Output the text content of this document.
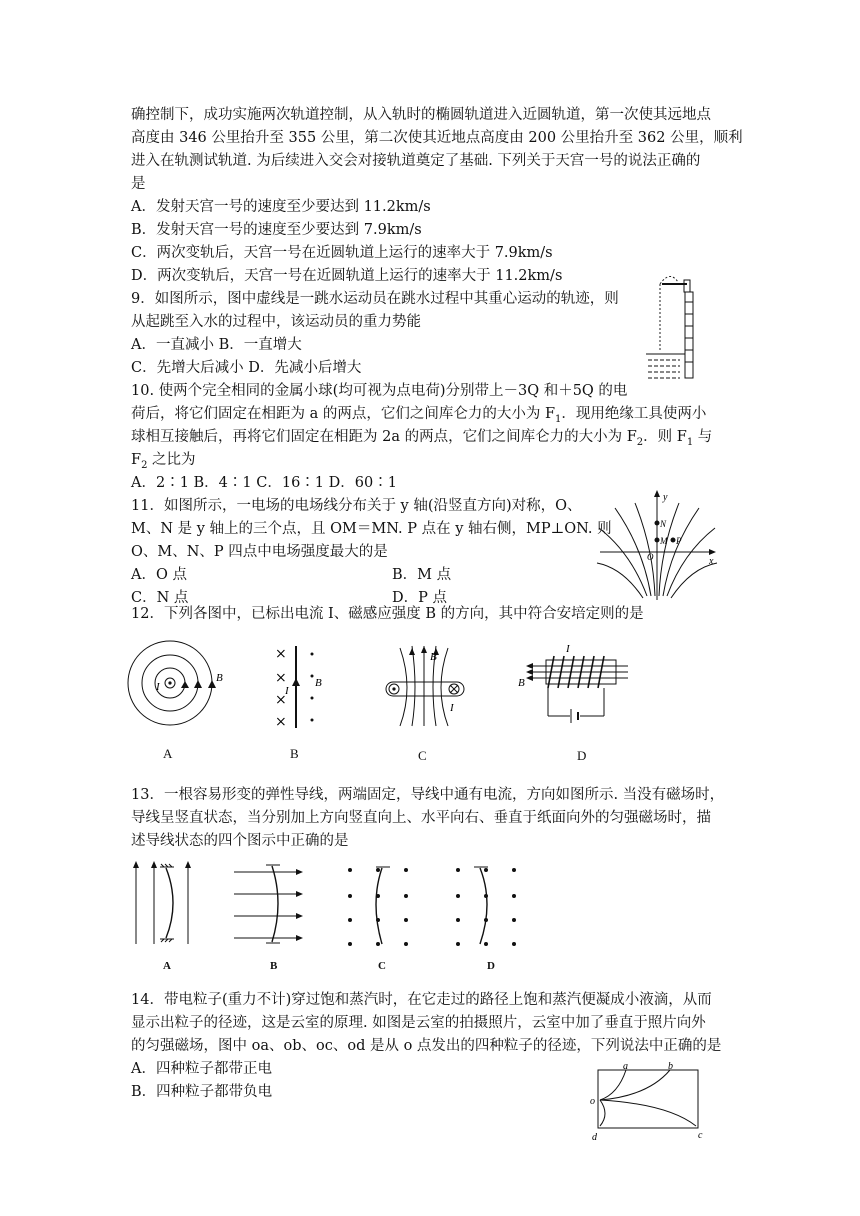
确控制下，成功实施两次轨道控制，从入轨时的椭圆轨道进入近圆轨道，第一次使其远地点
高度由 346 公里抬升至 355 公里，第二次使其近地点高度由 200 公里抬升至 362 公里，顺利
进入在轨测试轨道. 为后续进入交会对接轨道奠定了基础. 下列关于天宫一号的说法正确的
是
A．发射天宫一号的速度至少要达到 11.2km/s
B．发射天宫一号的速度至少要达到 7.9km/s
C．两次变轨后，天宫一号在近圆轨道上运行的速率大于 7.9km/s
D．两次变轨后，天宫一号在近圆轨道上运行的速率大于 11.2km/s
9．如图所示，图中虚线是一跳水运动员在跳水过程中其重心运动的轨迹，则
从起跳至入水的过程中，该运动员的重力势能
A．一直减小 B．一直增大
C．先增大后减小 D．先减小后增大
10. 使两个完全相同的金属小球(均可视为点电荷)分别带上－3Q 和＋5Q 的电
荷后，将它们固定在相距为 a 的两点，它们之间库仑力的大小为 $F_1$．现用绝缘工具使两小
球相互接触后，再将它们固定在相距为 2a 的两点，它们之间库仑力的大小为 $F_2$．则 $F_1$ 与
$F_2$ 之比为
A．2∶1 B．4∶1 C．16∶1 D．60∶1
11．如图所示，一电场的电场线分布关于 y 轴(沿竖直方向)对称，O、
M、N 是 y 轴上的三个点，且 OM＝MN. P 点在 y 轴右侧，MP⊥ON. 则
O、M、N、P 四点中电场强度最大的是
A．O 点	B．M 点
C．N 点	D．P 点
y
x
N
M P
O
12．下列各图中，已标出电流 I、磁感应强度 B 的方向，其中符合安培定则的是
I
B
×
×
×
×
I
B
B
I
I
B
A	B	C	D
13．一根容易形变的弹性导线，两端固定，导线中通有电流，方向如图所示. 当没有磁场时，
导线呈竖直状态，当分别加上方向竖直向上、水平向右、垂直于纸面向外的匀强磁场时，描
述导线状态的四个图示中正确的是
A	B	C	D
14．带电粒子(重力不计)穿过饱和蒸汽时，在它走过的路径上饱和蒸汽便凝成小液滴，从而
显示出粒子的径迹，这是云室的原理. 如图是云室的拍摄照片，云室中加了垂直于照片向外
的匀强磁场，图中 oa、ob、oc、od 是从 o 点发出的四种粒子的径迹，下列说法中正确的是
A．四种粒子都带正电
B．四种粒子都带负电
a	b
c
d
o
